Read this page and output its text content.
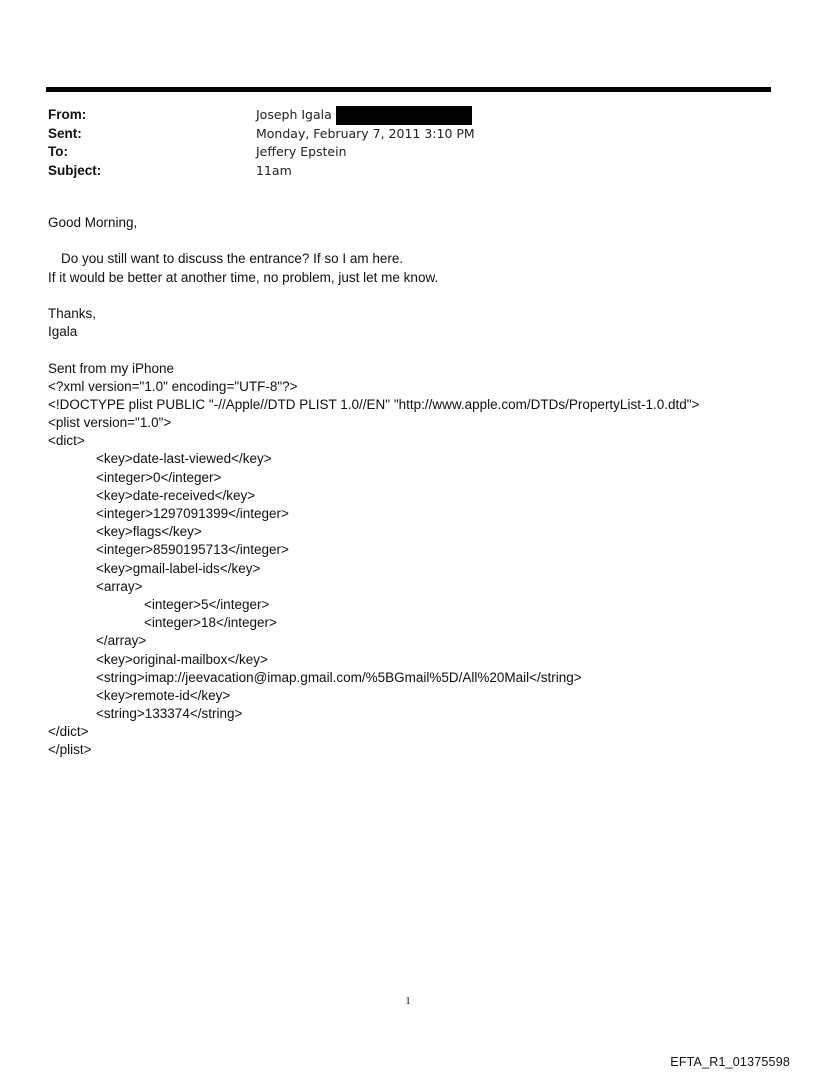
From:	Joseph Igala
Sent:	Monday, February 7, 2011 3:10 PM
To:	Jeffery Epstein
Subject:	11am
Good Morning,
Do you still want to discuss the entrance? If so I am here.
If it would be better at another time, no problem, just let me know.
Thanks,
Igala
Sent from my iPhone
<?xml version="1.0" encoding="UTF-8"?>
<!DOCTYPE plist PUBLIC "-//Apple//DTD PLIST 1.0//EN" "http://www.apple.com/DTDs/PropertyList-1.0.dtd">
<plist version="1.0">
<dict>
<key>date-last-viewed</key>
<integer>0</integer>
<key>date-received</key>
<integer>1297091399</integer>
<key>flags</key>
<integer>8590195713</integer>
<key>gmail-label-ids</key>
<array>
<integer>5</integer>
<integer>18</integer>
</array>
<key>original-mailbox</key>
<string>imap://jeevacation@imap.gmail.com/%5BGmail%5D/All%20Mail</string>
<key>remote-id</key>
<string>133374</string>
</dict>
</plist>
1
EFTA_R1_01375598
